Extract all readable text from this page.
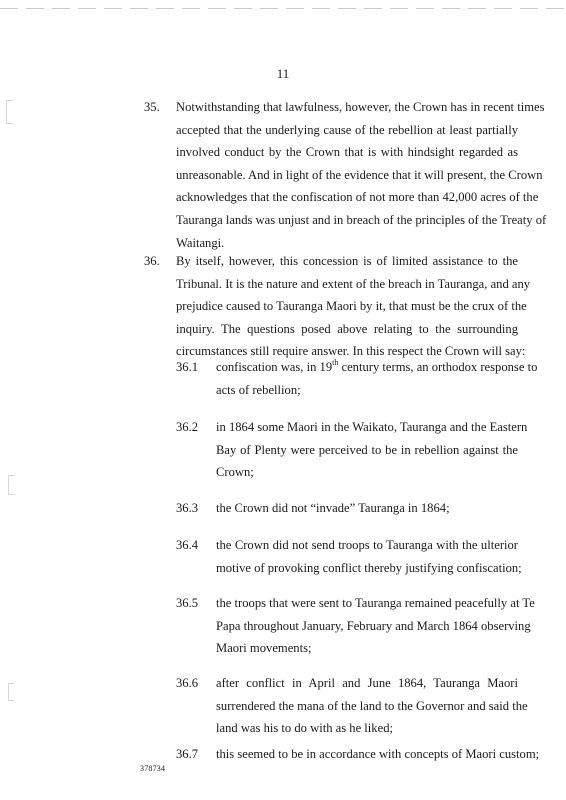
11
35. Notwithstanding that lawfulness, however, the Crown has in recent times
accepted that the underlying cause of the rebellion at least partially
involved conduct by the Crown that is with hindsight regarded as
unreasonable. And in light of the evidence that it will present, the Crown
acknowledges that the confiscation of not more than 42,000 acres of the
Tauranga lands was unjust and in breach of the principles of the Treaty of
Waitangi.
36. By itself, however, this concession is of limited assistance to the
Tribunal. It is the nature and extent of the breach in Tauranga, and any
prejudice caused to Tauranga Maori by it, that must be the crux of the
inquiry. The questions posed above relating to the surrounding
circumstances still require answer. In this respect the Crown will say:
36.1 confiscation was, in 19th century terms, an orthodox response to
acts of rebellion;
36.2 in 1864 some Maori in the Waikato, Tauranga and the Eastern
Bay of Plenty were perceived to be in rebellion against the
Crown;
36.3 the Crown did not “invade” Tauranga in 1864;
36.4 the Crown did not send troops to Tauranga with the ulterior
motive of provoking conflict thereby justifying confiscation;
36.5 the troops that were sent to Tauranga remained peacefully at Te
Papa throughout January, February and March 1864 observing
Maori movements;
36.6 after conflict in April and June 1864, Tauranga Maori
surrendered the mana of the land to the Governor and said the
land was his to do with as he liked;
36.7 this seemed to be in accordance with concepts of Maori custom;
378734
